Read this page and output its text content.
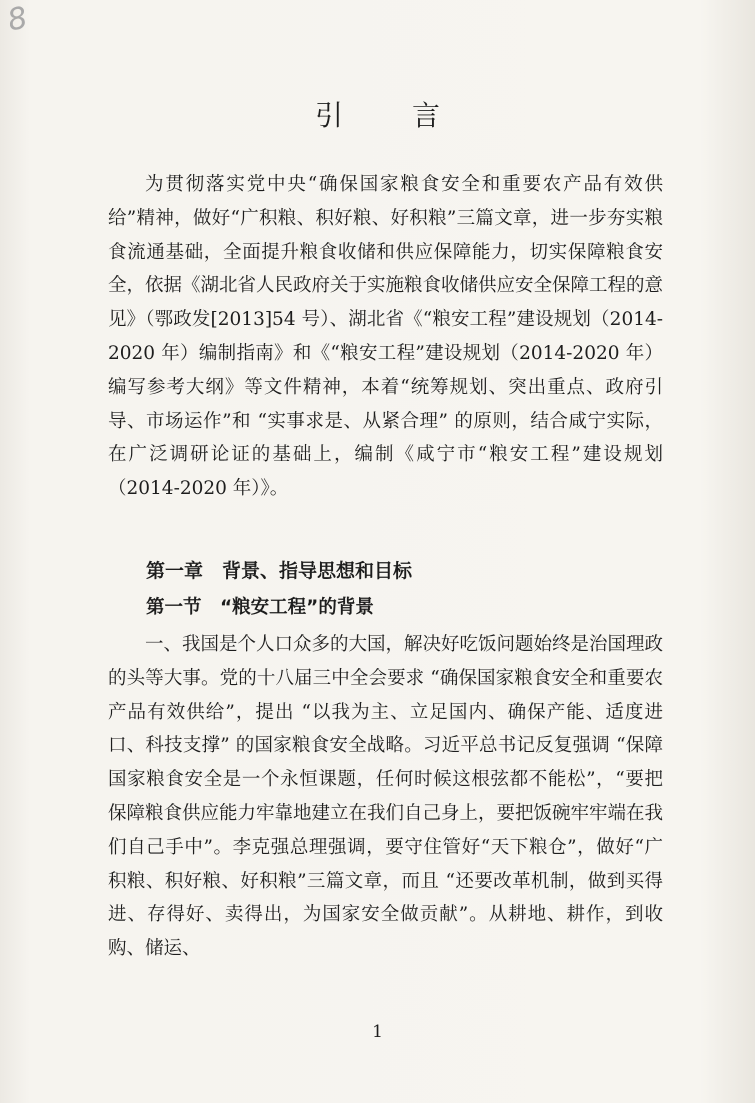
8
引 言

为贯彻落实党中央“确保国家粮食安全和重要农产品有效供给”精神，做好“广积粮、积好粮、好积粮”三篇文章，进一步夯实粮食流通基础，全面提升粮食收储和供应保障能力，切实保障粮食安全，依据《湖北省人民政府关于实施粮食收储供应安全保障工程的意见》（鄂政发[2013]54 号）、湖北省《“粮安工程”建设规划（2014-2020 年）编制指南》和《“粮安工程”建设规划（2014-2020 年）编写参考大纲》等文件精神，本着“统筹规划、突出重点、政府引导、市场运作”和 “实事求是、从紧合理” 的原则，结合咸宁实际，在广泛调研论证的基础上，编制《咸宁市“粮安工程”建设规划（2014-2020 年）》。

第一章　背景、指导思想和目标
第一节　“粮安工程”的背景

一、我国是个人口众多的大国，解决好吃饭问题始终是治国理政的头等大事。党的十八届三中全会要求 “确保国家粮食安全和重要农产品有效供给”，提出 “以我为主、立足国内、确保产能、适度进口、科技支撑” 的国家粮食安全战略。习近平总书记反复强调 “保障国家粮食安全是一个永恒课题，任何时候这根弦都不能松”，“要把保障粮食供应能力牢靠地建立在我们自己身上，要把饭碗牢牢端在我们自己手中”。李克强总理强调，要守住管好“天下粮仓”，做好“广积粮、积好粮、好积粮”三篇文章，而且 “还要改革机制，做到买得进、存得好、卖得出，为国家安全做贡献”。从耕地、耕作，到收购、储运、

1
